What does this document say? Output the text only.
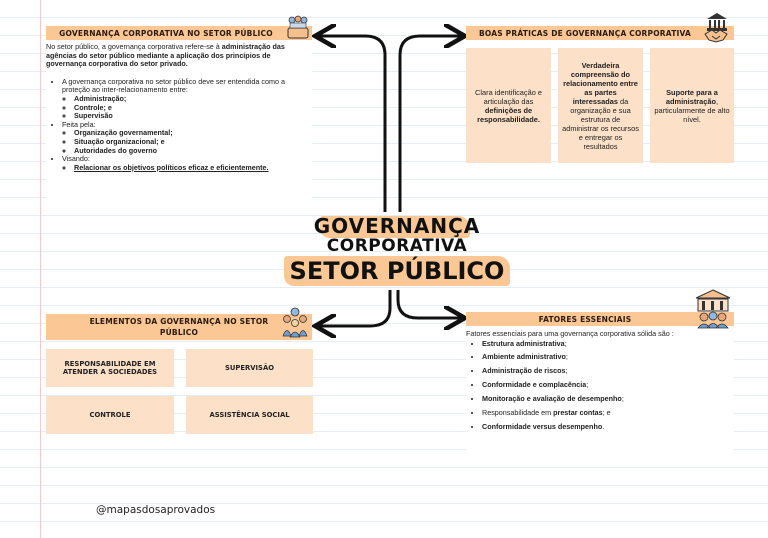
GOVERNANÇA
CORPORATIVA
SETOR PÚBLICO
GOVERNANÇA CORPORATIVA NO SETOR PÚBLICO
No setor público, a governança corporativa refere-se à administração das agências do setor público mediante a aplicação dos princípios de governança corporativa do setor privado.
• A governança corporativa no setor público deve ser entendida como a proteção ao inter-relacionamento entre:
◦ Administração;
◦ Controle; e
◦ Supervisão
• Feita pela:
◦ Organização governamental;
◦ Situação organizacional; e
◦ Autoridades do governo
• Visando:
◦ Relacionar os objetivos políticos eficaz e eficientemente.
BOAS PRÁTICAS DE GOVERNANÇA CORPORATIVA
Clara identificação e articulação das definições de responsabilidade.
Verdadeira compreensão do relacionamento entre as partes interessadas da organização e sua estrutura de administrar os recursos e entregar os resultados
Suporte para a administração, particularmente de alto nível.
ELEMENTOS DA GOVERNANÇA NO SETOR PÚBLICO
RESPONSABILIDADE EM ATENDER A SOCIEDADES	SUPERVISÃO
CONTROLE	ASSISTÊNCIA SOCIAL
FATORES ESSENCIAIS
Fatores essenciais para uma governança corporativa sólida são :
• Estrutura administrativa;
• Ambiente administrativo;
• Administração de riscos;
• Conformidade e complacência;
• Monitoração e avaliação de desempenho;
• Responsabilidade em prestar contas; e
• Conformidade versus desempenho.
@mapasdosaprovados
